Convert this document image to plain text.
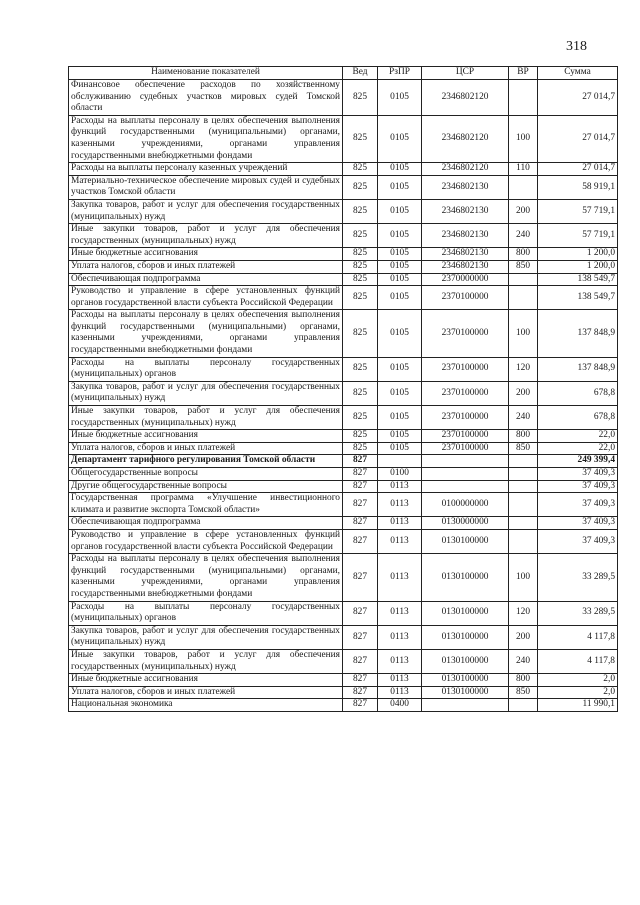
318
Наименование показателей	Вед	РзПР	ЦСР	ВР	Сумма
Финансовое обеспечение расходов по хозяйственному обслуживанию судебных участков мировых судей Томской области	825	0105	2346802120		27 014,7
Расходы на выплаты персоналу в целях обеспечения выполнения функций государственными (муниципальными) органами, казенными учреждениями, органами управления государственными внебюджетными фондами	825	0105	2346802120	100	27 014,7
Расходы на выплаты персоналу казенных учреждений	825	0105	2346802120	110	27 014,7
Материально-техническое обеспечение мировых судей и судебных участков Томской области	825	0105	2346802130		58 919,1
Закупка товаров, работ и услуг для обеспечения государственных (муниципальных) нужд	825	0105	2346802130	200	57 719,1
Иные закупки товаров, работ и услуг для обеспечения государственных (муниципальных) нужд	825	0105	2346802130	240	57 719,1
Иные бюджетные ассигнования	825	0105	2346802130	800	1 200,0
Уплата налогов, сборов и иных платежей	825	0105	2346802130	850	1 200,0
Обеспечивающая подпрограмма	825	0105	2370000000		138 549,7
Руководство и управление в сфере установленных функций органов государственной власти субъекта Российской Федерации	825	0105	2370100000		138 549,7
Расходы на выплаты персоналу в целях обеспечения выполнения функций государственными (муниципальными) органами, казенными учреждениями, органами управления государственными внебюджетными фондами	825	0105	2370100000	100	137 848,9
Расходы на выплаты персоналу государственных (муниципальных) органов	825	0105	2370100000	120	137 848,9
Закупка товаров, работ и услуг для обеспечения государственных (муниципальных) нужд	825	0105	2370100000	200	678,8
Иные закупки товаров, работ и услуг для обеспечения государственных (муниципальных) нужд	825	0105	2370100000	240	678,8
Иные бюджетные ассигнования	825	0105	2370100000	800	22,0
Уплата налогов, сборов и иных платежей	825	0105	2370100000	850	22,0
Департамент тарифного регулирования Томской области	827				249 399,4
Общегосударственные вопросы	827	0100			37 409,3
Другие общегосударственные вопросы	827	0113			37 409,3
Государственная программа «Улучшение инвестиционного климата и развитие экспорта Томской области»	827	0113	0100000000		37 409,3
Обеспечивающая подпрограмма	827	0113	0130000000		37 409,3
Руководство и управление в сфере установленных функций органов государственной власти субъекта Российской Федерации	827	0113	0130100000		37 409,3
Расходы на выплаты персоналу в целях обеспечения выполнения функций государственными (муниципальными) органами, казенными учреждениями, органами управления государственными внебюджетными фондами	827	0113	0130100000	100	33 289,5
Расходы на выплаты персоналу государственных (муниципальных) органов	827	0113	0130100000	120	33 289,5
Закупка товаров, работ и услуг для обеспечения государственных (муниципальных) нужд	827	0113	0130100000	200	4 117,8
Иные закупки товаров, работ и услуг для обеспечения государственных (муниципальных) нужд	827	0113	0130100000	240	4 117,8
Иные бюджетные ассигнования	827	0113	0130100000	800	2,0
Уплата налогов, сборов и иных платежей	827	0113	0130100000	850	2,0
Национальная экономика	827	0400			11 990,1
